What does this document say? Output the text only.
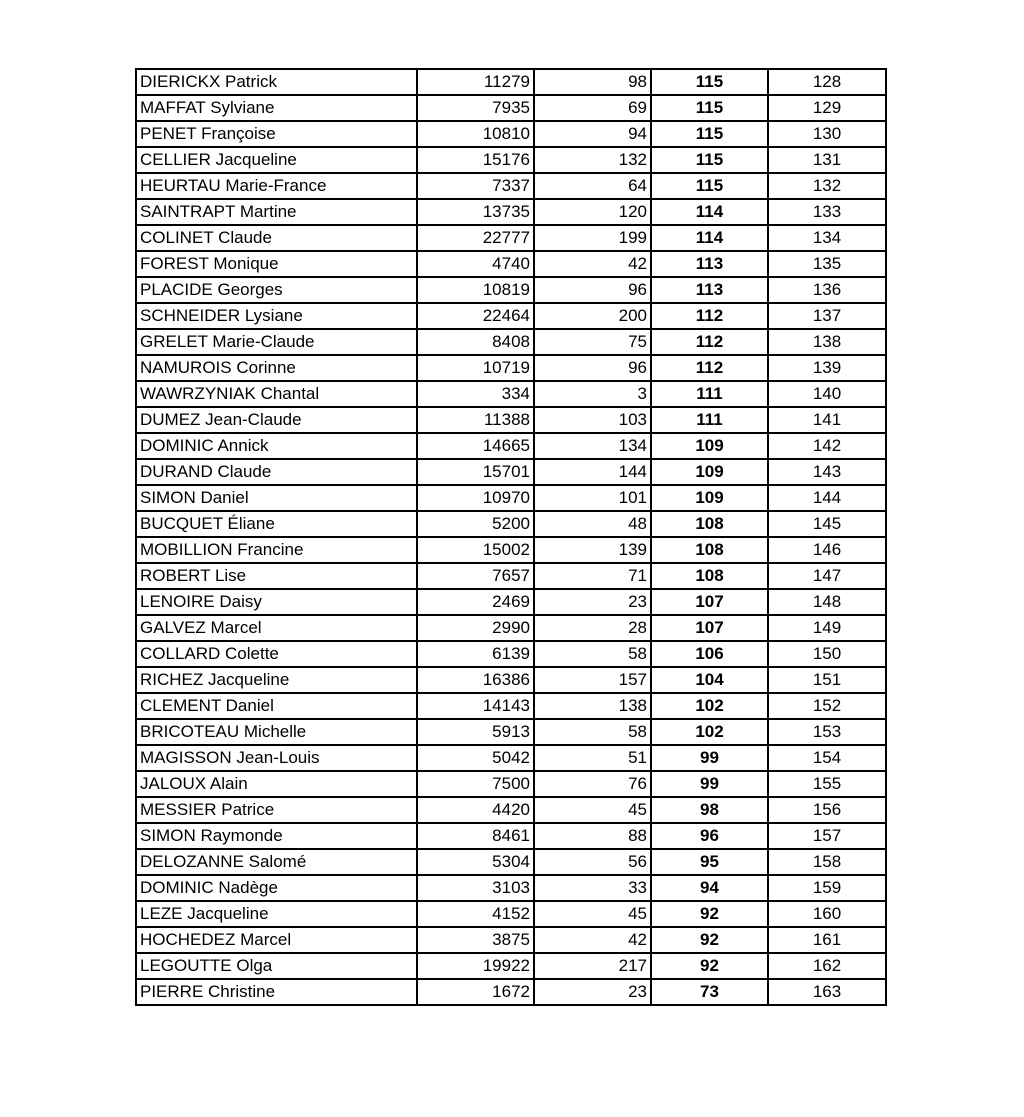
DIERICKX Patrick	11279	98	115	128
MAFFAT Sylviane	7935	69	115	129
PENET Françoise	10810	94	115	130
CELLIER Jacqueline	15176	132	115	131
HEURTAU Marie-France	7337	64	115	132
SAINTRAPT Martine	13735	120	114	133
COLINET Claude	22777	199	114	134
FOREST Monique	4740	42	113	135
PLACIDE Georges	10819	96	113	136
SCHNEIDER Lysiane	22464	200	112	137
GRELET Marie-Claude	8408	75	112	138
NAMUROIS Corinne	10719	96	112	139
WAWRZYNIAK Chantal	334	3	111	140
DUMEZ Jean-Claude	11388	103	111	141
DOMINIC Annick	14665	134	109	142
DURAND Claude	15701	144	109	143
SIMON Daniel	10970	101	109	144
BUCQUET Éliane	5200	48	108	145
MOBILLION Francine	15002	139	108	146
ROBERT Lise	7657	71	108	147
LENOIRE Daisy	2469	23	107	148
GALVEZ Marcel	2990	28	107	149
COLLARD Colette	6139	58	106	150
RICHEZ Jacqueline	16386	157	104	151
CLEMENT Daniel	14143	138	102	152
BRICOTEAU Michelle	5913	58	102	153
MAGISSON Jean-Louis	5042	51	99	154
JALOUX Alain	7500	76	99	155
MESSIER Patrice	4420	45	98	156
SIMON Raymonde	8461	88	96	157
DELOZANNE Salomé	5304	56	95	158
DOMINIC Nadège	3103	33	94	159
LEZE Jacqueline	4152	45	92	160
HOCHEDEZ Marcel	3875	42	92	161
LEGOUTTE Olga	19922	217	92	162
PIERRE Christine	1672	23	73	163
